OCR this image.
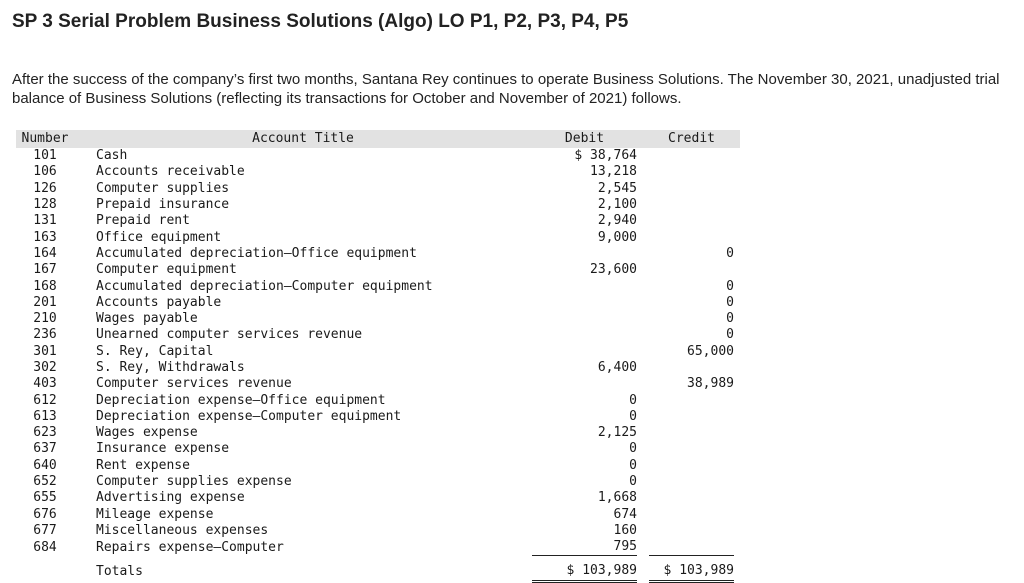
SP 3 Serial Problem Business Solutions (Algo) LO P1, P2, P3, P4, P5
After the success of the company’s first two months, Santana Rey continues to operate Business Solutions. The November 30, 2021, unadjusted trial balance of Business Solutions (reflecting its transactions for October and November of 2021) follows.
Number	Account Title	Debit		Credit	
101	Cash	$ 38,764			
106	Accounts receivable	13,218			
126	Computer supplies	2,545			
128	Prepaid insurance	2,100			
131	Prepaid rent	2,940			
163	Office equipment	9,000			
164	Accumulated depreciation—Office equipment			0	
167	Computer equipment	23,600			
168	Accumulated depreciation—Computer equipment			0	
201	Accounts payable			0	
210	Wages payable			0	
236	Unearned computer services revenue			0	
301	S. Rey, Capital			65,000	
302	S. Rey, Withdrawals	6,400			
403	Computer services revenue			38,989	
612	Depreciation expense—Office equipment	0			
613	Depreciation expense—Computer equipment	0			
623	Wages expense	2,125			
637	Insurance expense	0			
640	Rent expense	0			
652	Computer supplies expense	0			
655	Advertising expense	1,668			
676	Mileage expense	674			
677	Miscellaneous expenses	160			
684	Repairs expense—Computer	795			
	Totals	$ 103,989		$ 103,989	
